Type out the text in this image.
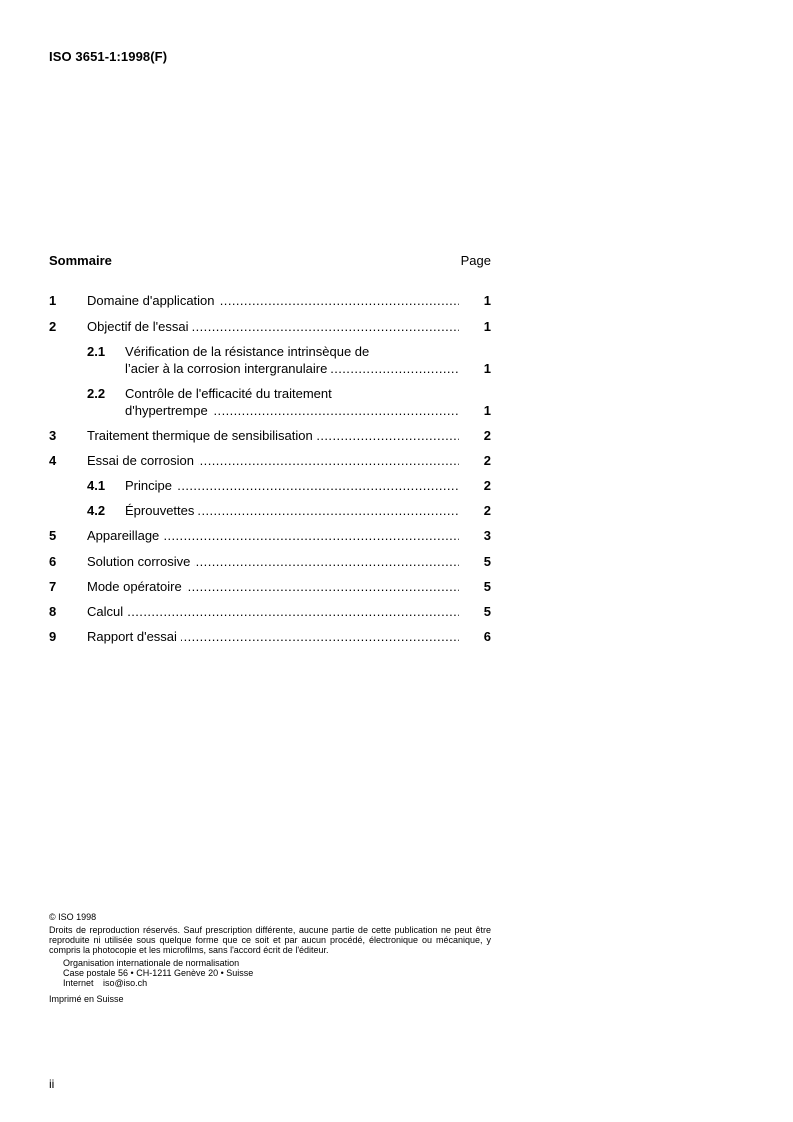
ISO 3651-1:1998(F)
Sommaire	Page
1 Domaine d'application . . .	1
2 Objectif de l'essai . . .	1
2.1 Vérification de la résistance intrinsèque de
l’acier à la corrosion intergranulaire . . .	1
2.2 Contrôle de l'efficacité du traitement
d'hypertrempe . . .	1
3 Traitement thermique de sensibilisation . . .	2
4 Essai de corrosion . . .	2
4.1 Principe . . .	2
4.2 Éprouvettes . . .	2
5 Appareillage . . .	3
6 Solution corrosive . . .	5
7 Mode opératoire . . .	5
8 Calcul . . .	5
9 Rapport d'essai . . .	6

© ISO 1998

Droits de reproduction réservés. Sauf prescription différente, aucune partie de cette publication ne peut être reproduite ni utilisée sous quelque forme que ce soit et par aucun procédé, électronique ou mécanique, y compris la photocopie et les microfilms, sans l'accord écrit de l'éditeur.

Organisation internationale de normalisation
Case postale 56 • CH-1211 Genève 20 • Suisse
Internet iso@iso.ch

Imprimé en Suisse

ii
